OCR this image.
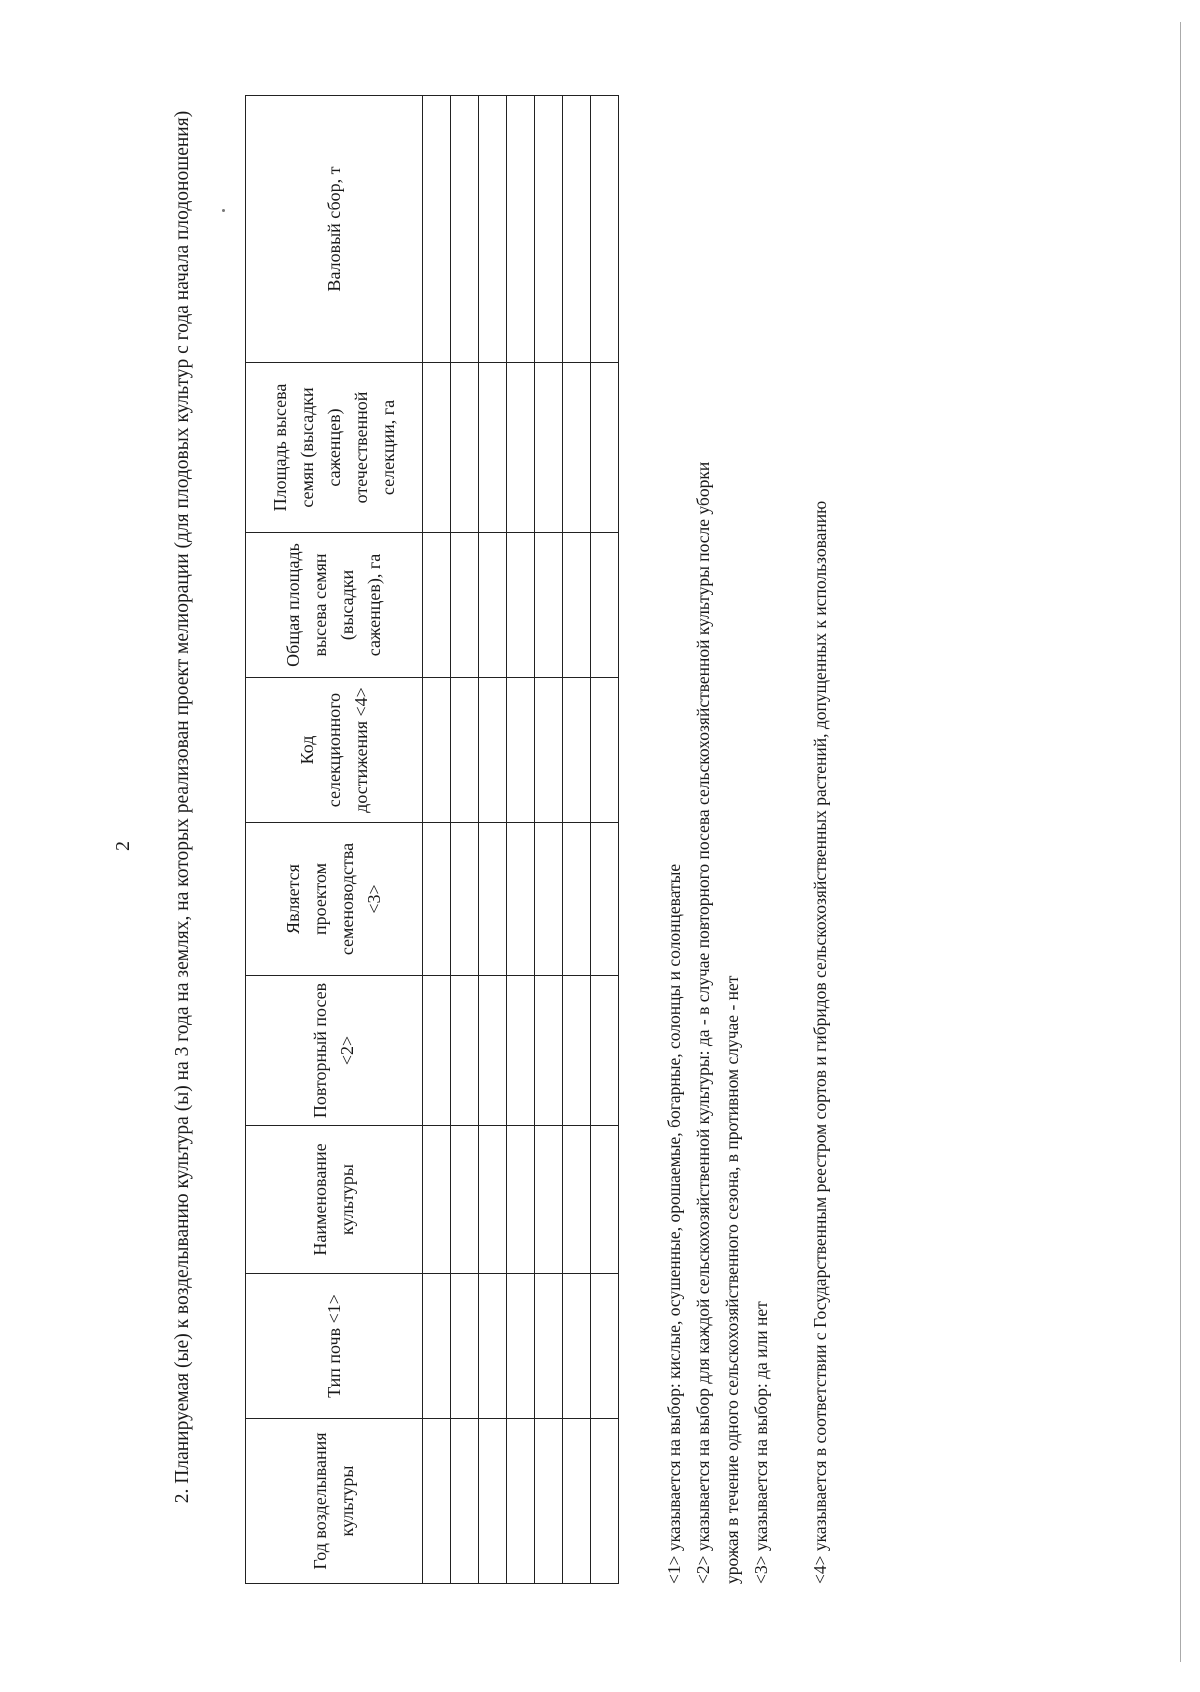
2 2. Планируемая (ые) к возделыванию культура (ы) на 3 года на землях, на которых реализован проект мелиорации (для плодовых культур с года начала плодоношения)	Год возделывания культуры	Тип почв <1>	Наименование культуры	Повторный посев <2>	Является проектом семеноводства <3>	Код селекционного достижения <4>	Общая площадь высева семян (высадки саженцев), га	Площадь высева семян (высадки саженцев) отечественной селекции, га	Валовый сбор, т

<1> указывается на выбор: кислые, осушенные, орошаемые, богарные, солонцы и солонцеватые <2> указывается на выбор для каждой сельскохозяйственной культуры: да - в случае повторного посева сельскохозяйственной культуры после уборки урожая в течение одного сельскохозяйственного сезона, в противном случае - нет <3> указывается на выбор: да или нет <4> указывается в соответствии с Государственным реестром сортов и гибридов сельскохозяйственных растений, допущенных к использованию
